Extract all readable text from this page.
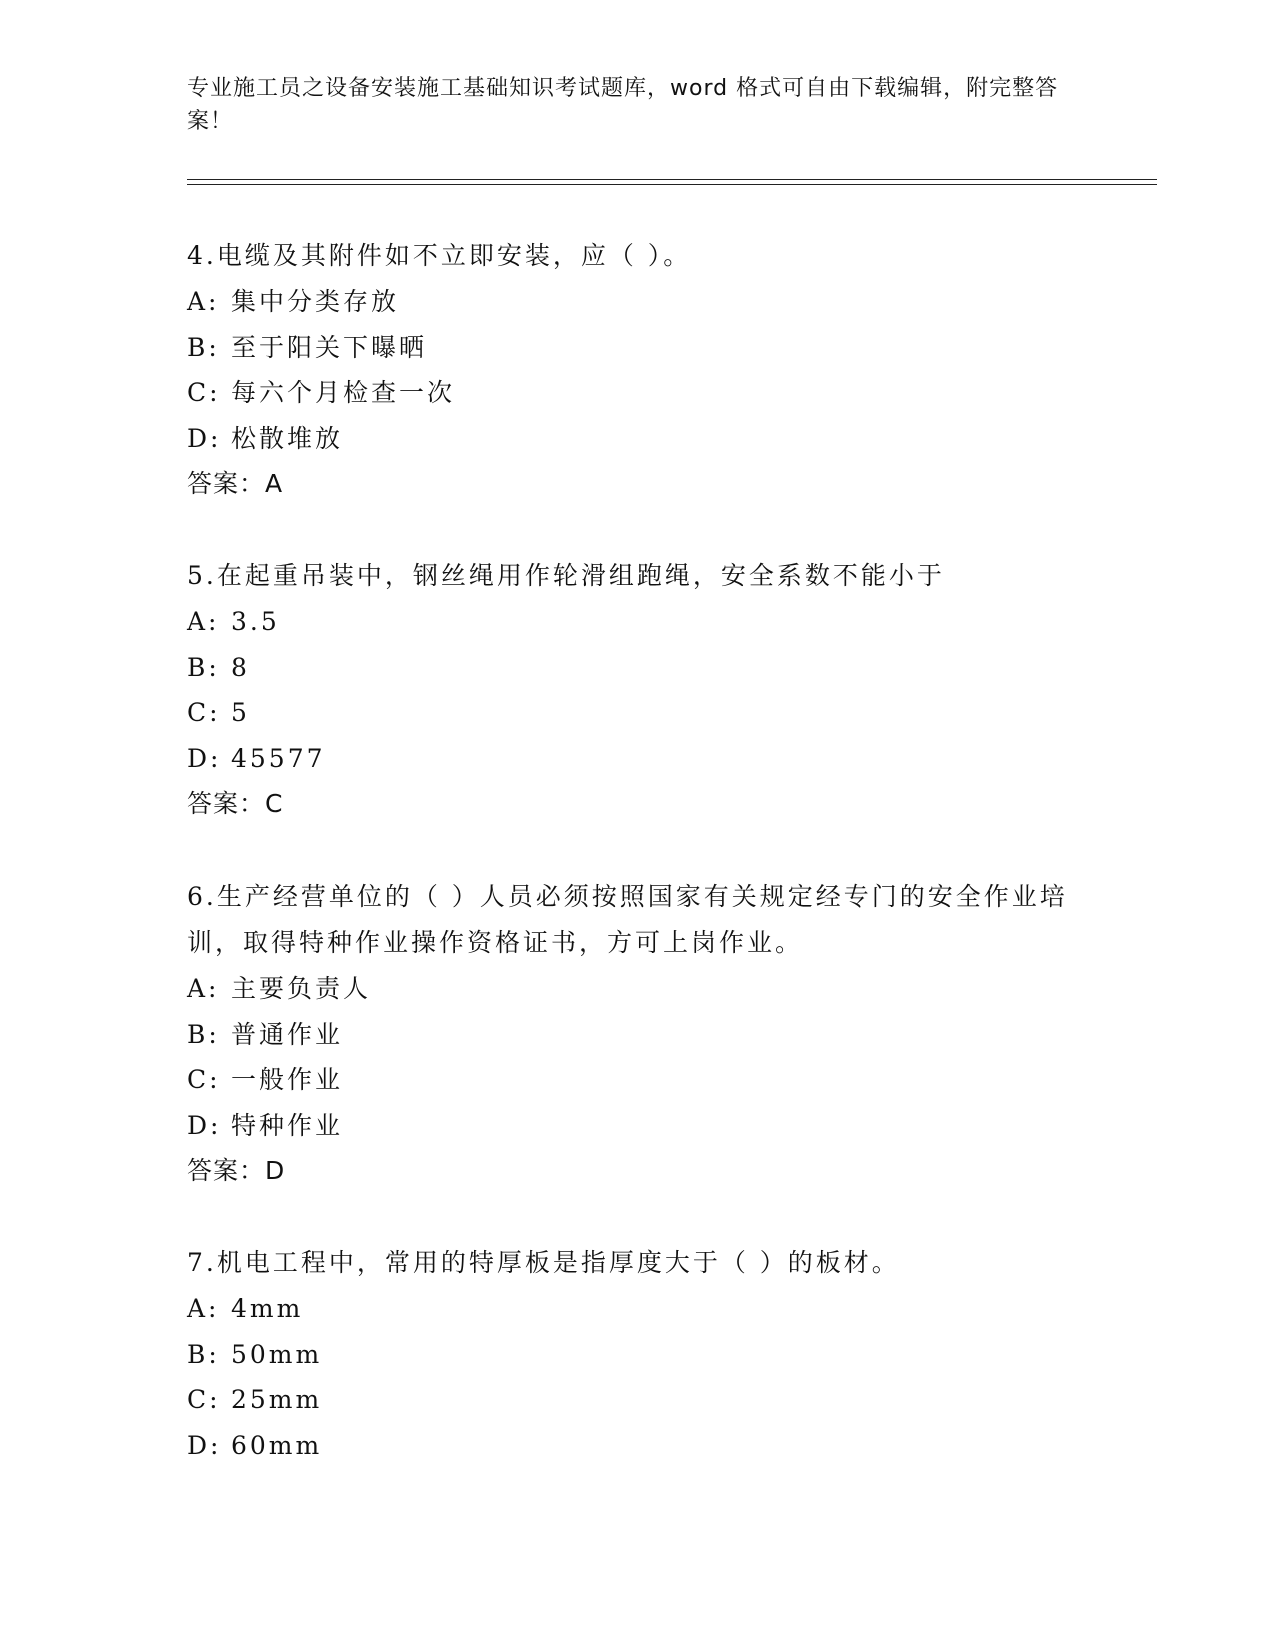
专业施工员之设备安装施工基础知识考试题库，word 格式可自由下载编辑，附完整答案！
4.电缆及其附件如不立即安装，应（ ）。
A: 集中分类存放
B: 至于阳关下曝晒
C: 每六个月检查一次
D: 松散堆放
答案：A
5.在起重吊装中，钢丝绳用作轮滑组跑绳，安全系数不能小于
A: 3.5
B: 8
C: 5
D: 45577
答案：C
6.生产经营单位的（ ）人员必须按照国家有关规定经专门的安全作业培训，取得特种作业操作资格证书，方可上岗作业。
A: 主要负责人
B: 普通作业
C: 一般作业
D: 特种作业
答案：D
7.机电工程中，常用的特厚板是指厚度大于（ ）的板材。
A: 4mm
B: 50mm
C: 25mm
D: 60mm
